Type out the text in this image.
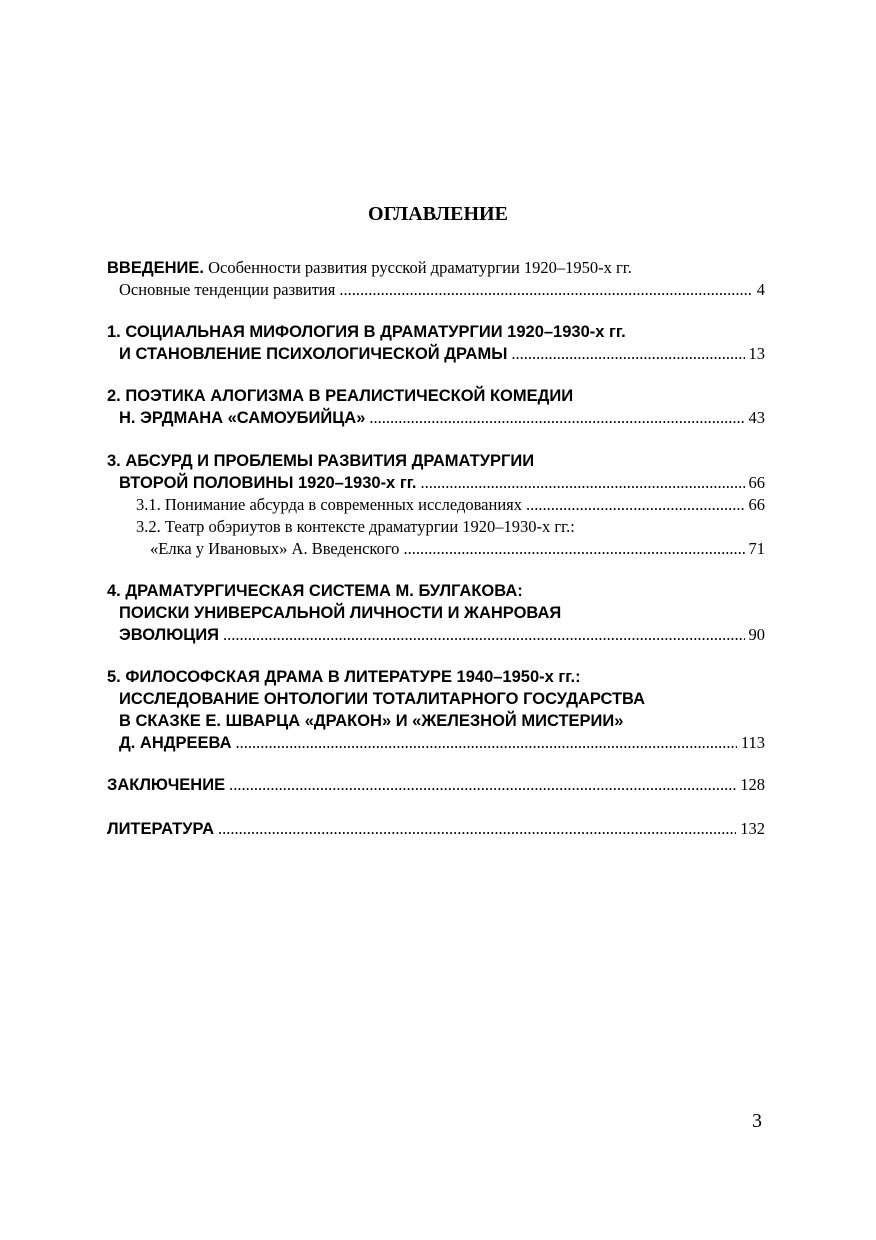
ОГЛАВЛЕНИЕ
ВВЕДЕНИЕ. Особенности развития русской драматургии 1920–1950-х гг.
Основные тенденции развития .....	4
1. СОЦИАЛЬНАЯ МИФОЛОГИЯ В ДРАМАТУРГИИ 1920–1930-х гг.
И СТАНОВЛЕНИЕ ПСИХОЛОГИЧЕСКОЙ ДРАМЫ .....	13
2. ПОЭТИКА АЛОГИЗМА В РЕАЛИСТИЧЕСКОЙ КОМЕДИИ
Н. ЭРДМАНА «САМОУБИЙЦА» .....	43
3. АБСУРД И ПРОБЛЕМЫ РАЗВИТИЯ ДРАМАТУРГИИ
ВТОРОЙ ПОЛОВИНЫ 1920–1930-х гг. .....	66
3.1. Понимание абсурда в современных исследованиях .....	66
3.2. Театр обэриутов в контексте драматургии 1920–1930-х гг.:
«Елка у Ивановых» А. Введенского .....	71
4. ДРАМАТУРГИЧЕСКАЯ СИСТЕМА М. БУЛГАКОВА:
ПОИСКИ УНИВЕРСАЛЬНОЙ ЛИЧНОСТИ И ЖАНРОВАЯ
ЭВОЛЮЦИЯ .....	90
5. ФИЛОСОФСКАЯ ДРАМА В ЛИТЕРАТУРЕ 1940–1950-х гг.:
ИССЛЕДОВАНИЕ ОНТОЛОГИИ ТОТАЛИТАРНОГО ГОСУДАРСТВА
В СКАЗКЕ Е. ШВАРЦА «ДРАКОН» И «ЖЕЛЕЗНОЙ МИСТЕРИИ»
Д. АНДРЕЕВА .....	113
ЗАКЛЮЧЕНИЕ .....	128
ЛИТЕРАТУРА .....	132
3
